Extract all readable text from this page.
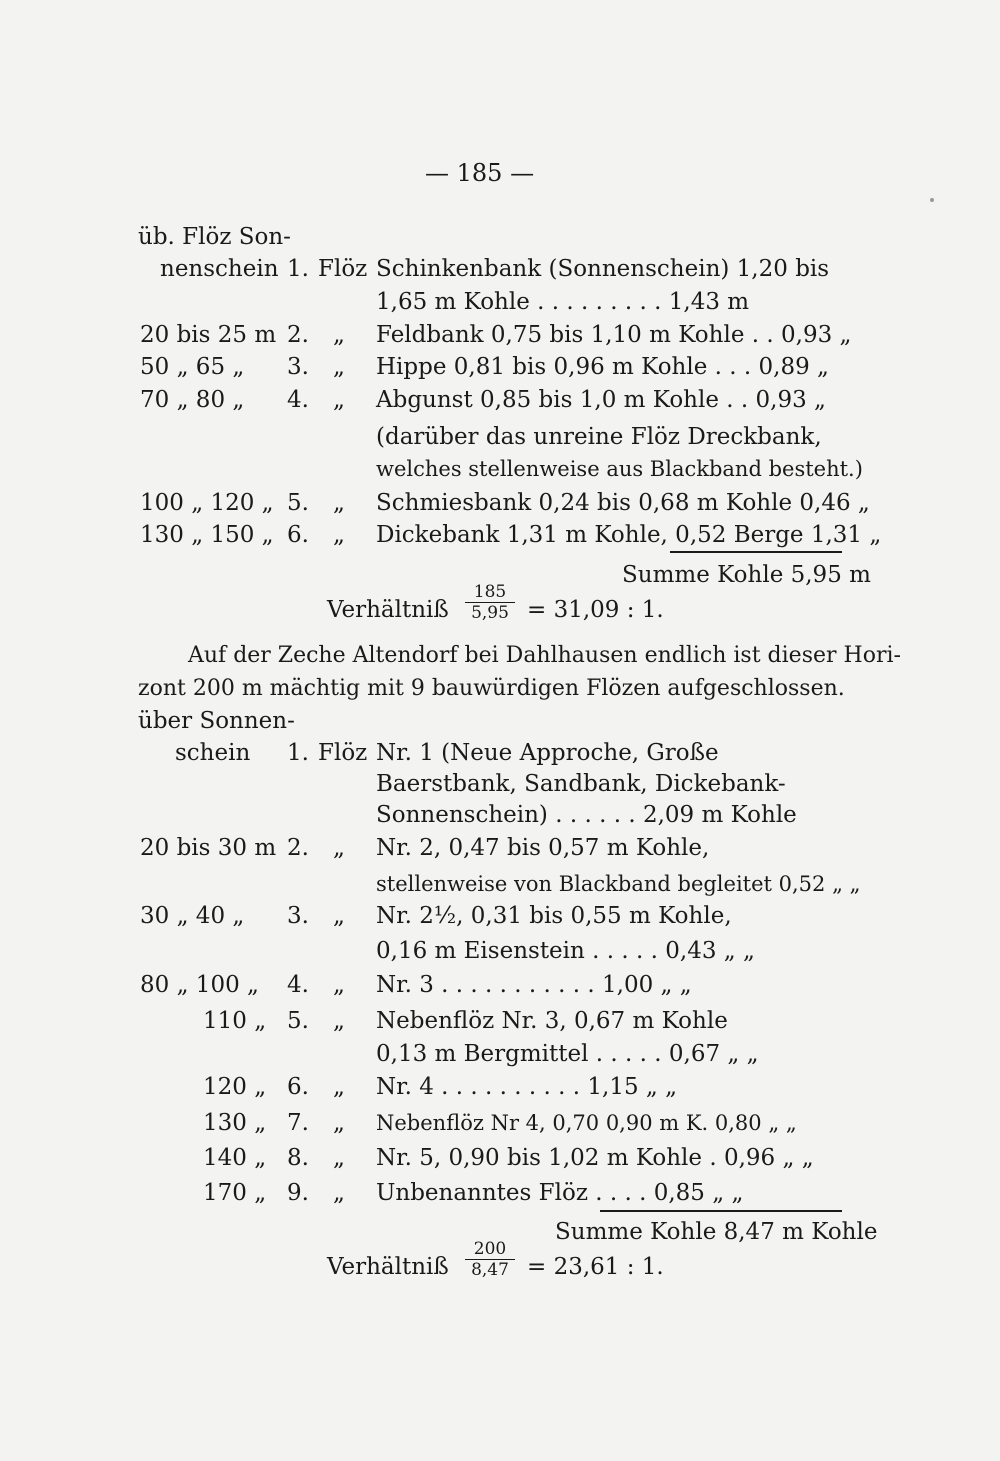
— 185 —
üb. Flöz Son-
nenschein 1. Flöz Schinkenbank (Sonnenschein) 1,20 bis
1,65 m Kohle . . . . . . . . . 1,43 m
20 bis 25 m 2. „ Feldbank 0,75 bis 1,10 m Kohle . . 0,93 „
50 „ 65 „ 3. „ Hippe 0,81 bis 0,96 m Kohle . . . 0,89 „
70 „ 80 „ 4. „ Abgunst 0,85 bis 1,0 m Kohle . . 0,93 „
(darüber das unreine Flöz Dreckbank,
welches stellenweise aus Blackband besteht.)
100 „ 120 „ 5. „ Schmiesbank 0,24 bis 0,68 m Kohle 0,46 „
130 „ 150 „ 6. „ Dickebank 1,31 m Kohle, 0,52 Berge 1,31 „
Summe Kohle 5,95 m
Verhältniß
185
5,95 = 31,09 : 1.
Auf der Zeche Altendorf bei Dahlhausen endlich ist dieser Hori-
zont 200 m mächtig mit 9 bauwürdigen Flözen aufgeschlossen.
über Sonnen-
schein 1. Flöz Nr. 1 (Neue Approche, Große
Baerstbank, Sandbank, Dickebank-
Sonnenschein) . . . . . . 2,09 m Kohle
20 bis 30 m 2. „ Nr. 2, 0,47 bis 0,57 m Kohle,
stellenweise von Blackband begleitet 0,52 „ „
30 „ 40 „ 3. „ Nr. 2½, 0,31 bis 0,55 m Kohle,
0,16 m Eisenstein . . . . . 0,43 „ „
80 „ 100 „ 4. „ Nr. 3 . . . . . . . . . . . 1,00 „ „
110 „ 5. „ Nebenflöz Nr. 3, 0,67 m Kohle
0,13 m Bergmittel . . . . . 0,67 „ „
120 „ 6. „ Nr. 4 . . . . . . . . . . 1,15 „ „
130 „ 7. „ Nebenflöz Nr 4, 0,70 0,90 m K. 0,80 „ „
140 „ 8. „ Nr. 5, 0,90 bis 1,02 m Kohle . 0,96 „ „
170 „ 9. „ Unbenanntes Flöz . . . . 0,85 „ „
Summe Kohle 8,47 m Kohle
Verhältniß
200
8,47 = 23,61 : 1.
